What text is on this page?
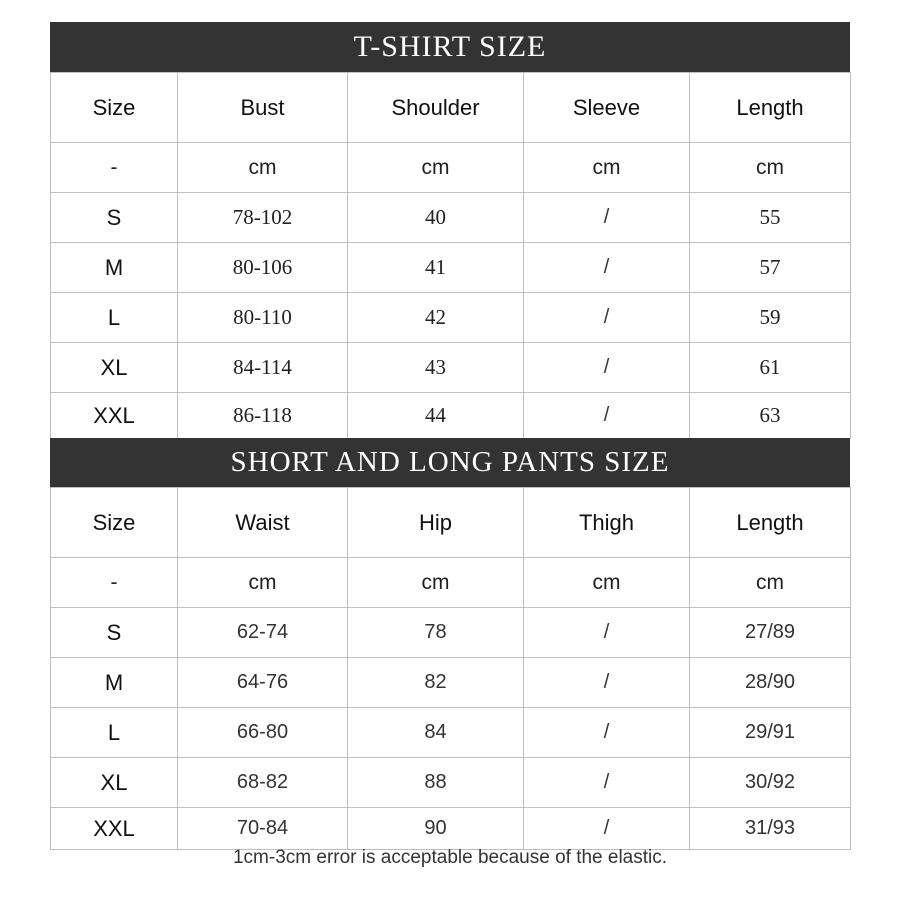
T-SHIRT SIZE
Size	Bust	Shoulder	Sleeve	Length
-	cm	cm	cm	cm
S	78-102	40	/	55
M	80-106	41	/	57
L	80-110	42	/	59
XL	84-114	43	/	61
XXL	86-118	44	/	63
SHORT AND LONG PANTS SIZE
Size	Waist	Hip	Thigh	Length
-	cm	cm	cm	cm
S	62-74	78	/	27/89
M	64-76	82	/	28/90
L	66-80	84	/	29/91
XL	68-82	88	/	30/92
XXL	70-84	90	/	31/93
1cm-3cm error is acceptable because of the elastic.
